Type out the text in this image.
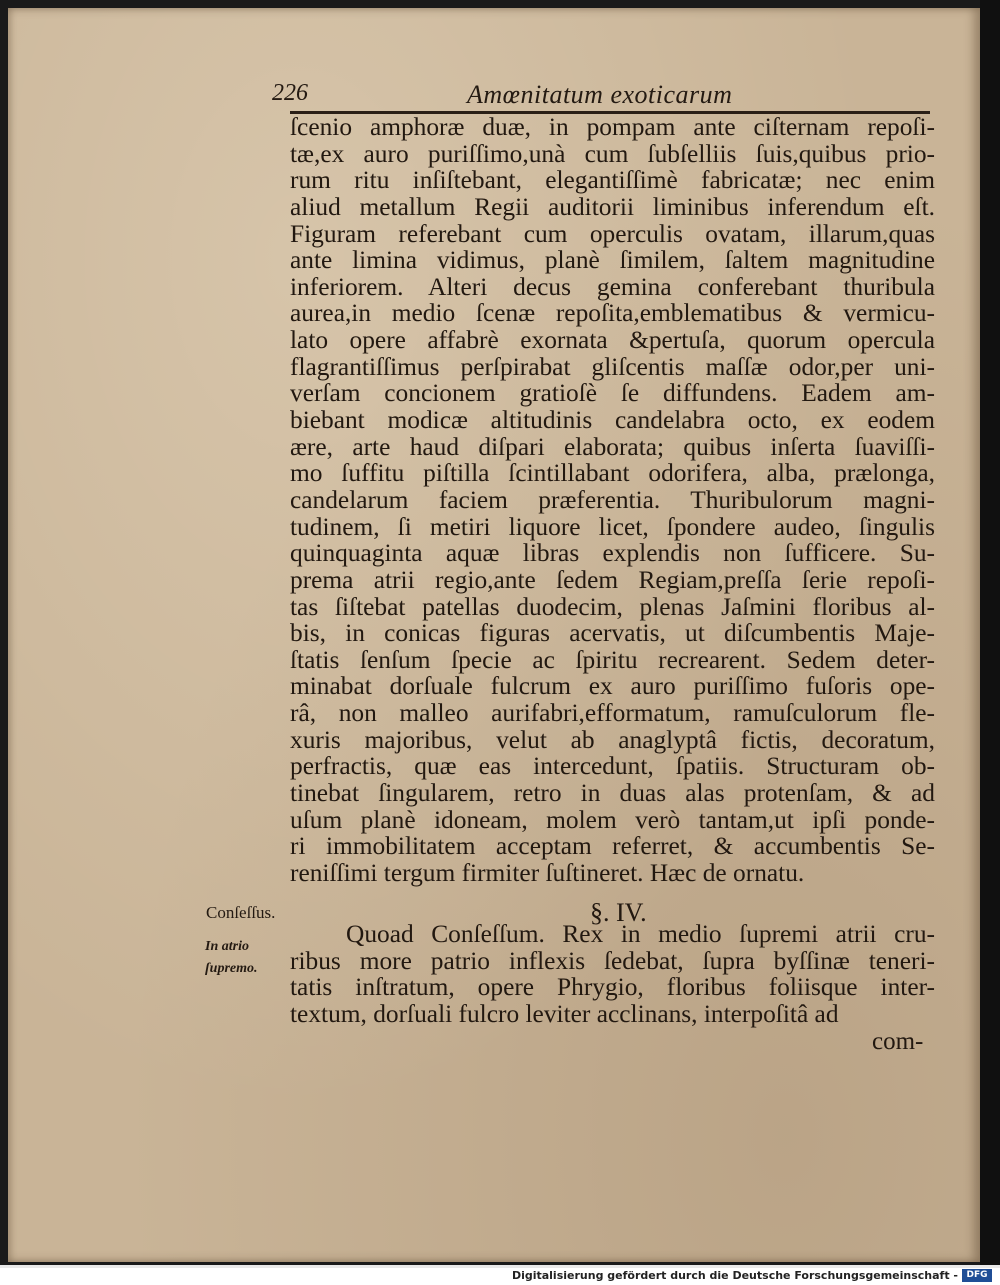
226	Amœnitatum exoticarum
ſcenio amphoræ duæ, in pompam ante ciſternam repoſi-
tæ,ex auro puriſſimo,unà cum ſubſelliis ſuis,quibus prio-
rum ritu inſiſtebant, elegantiſſimè fabricatæ; nec enim
aliud metallum Regii auditorii liminibus inferendum eſt.
Figuram referebant cum operculis ovatam, illarum,quas
ante limina vidimus, planè ſimilem, ſaltem magnitudine
inferiorem. Alteri decus gemina conferebant thuribula
aurea,in medio ſcenæ repoſita,emblematibus & vermicu-
lato opere affabrè exornata &pertuſa, quorum opercula
flagrantiſſimus perſpirabat gliſcentis maſſæ odor,per uni-
verſam concionem gratioſè ſe diffundens. Eadem am-
biebant modicæ altitudinis candelabra octo, ex eodem
ære, arte haud diſpari elaborata; quibus inſerta ſuaviſſi-
mo ſuffitu piſtilla ſcintillabant odorifera, alba, prælonga,
candelarum faciem præferentia. Thuribulorum magni-
tudinem, ſi metiri liquore licet, ſpondere audeo, ſingulis
quinquaginta aquæ libras explendis non ſufficere. Su-
prema atrii regio,ante ſedem Regiam,preſſa ſerie repoſi-
tas ſiſtebat patellas duodecim, plenas Jaſmini floribus al-
bis, in conicas figuras acervatis, ut diſcumbentis Maje-
ſtatis ſenſum ſpecie ac ſpiritu recrearent. Sedem deter-
minabat dorſuale fulcrum ex auro puriſſimo fuſoris ope-
râ, non malleo aurifabri,efformatum, ramuſculorum fle-
xuris majoribus, velut ab anaglyptâ fictis, decoratum,
perfractis, quæ eas intercedunt, ſpatiis. Structuram ob-
tinebat ſingularem, retro in duas alas protenſam, & ad
uſum planè idoneam, molem verò tantam,ut ipſi ponde-
ri immobilitatem acceptam referret, & accumbentis Se-
reniſſimi tergum firmiter ſuſtineret. Hæc de ornatu.
§. IV.
Quoad Conſeſſum. Rex in medio ſupremi atrii cru-
ribus more patrio inflexis ſedebat, ſupra byſſinæ teneri-
tatis inſtratum, opere Phrygio, floribus foliisque inter-
textum, dorſuali fulcro leviter acclinans, interpoſitâ ad
com-
Conſeſſus.
In atrio
ſupremo.
Digitalisierung gefördert durch die Deutsche Forschungsgemeinschaft - DFG
